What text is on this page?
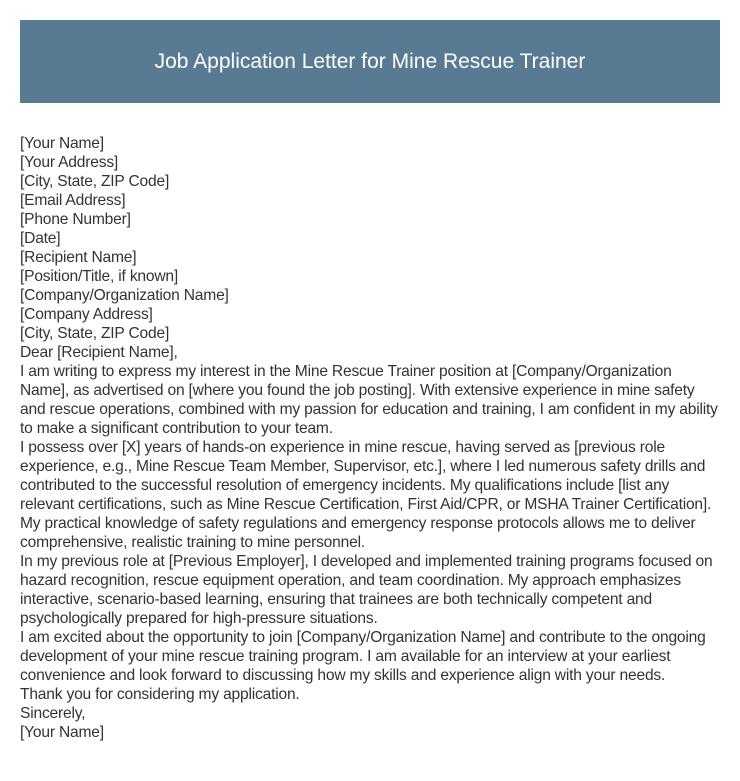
Job Application Letter for Mine Rescue Trainer
[Your Name]
[Your Address]
[City, State, ZIP Code]
[Email Address]
[Phone Number]
[Date]
[Recipient Name]
[Position/Title, if known]
[Company/Organization Name]
[Company Address]
[City, State, ZIP Code]
Dear [Recipient Name],

I am writing to express my interest in the Mine Rescue Trainer position at [Company/Organization Name], as advertised on [where you found the job posting]. With extensive experience in mine safety and rescue operations, combined with my passion for education and training, I am confident in my ability to make a significant contribution to your team.

I possess over [X] years of hands-on experience in mine rescue, having served as [previous role experience, e.g., Mine Rescue Team Member, Supervisor, etc.], where I led numerous safety drills and contributed to the successful resolution of emergency incidents. My qualifications include [list any relevant certifications, such as Mine Rescue Certification, First Aid/CPR, or MSHA Trainer Certification]. My practical knowledge of safety regulations and emergency response protocols allows me to deliver comprehensive, realistic training to mine personnel.

In my previous role at [Previous Employer], I developed and implemented training programs focused on hazard recognition, rescue equipment operation, and team coordination. My approach emphasizes interactive, scenario-based learning, ensuring that trainees are both technically competent and psychologically prepared for high-pressure situations.

I am excited about the opportunity to join [Company/Organization Name] and contribute to the ongoing development of your mine rescue training program. I am available for an interview at your earliest convenience and look forward to discussing how my skills and experience align with your needs.

Thank you for considering my application.

Sincerely,
[Your Name]
